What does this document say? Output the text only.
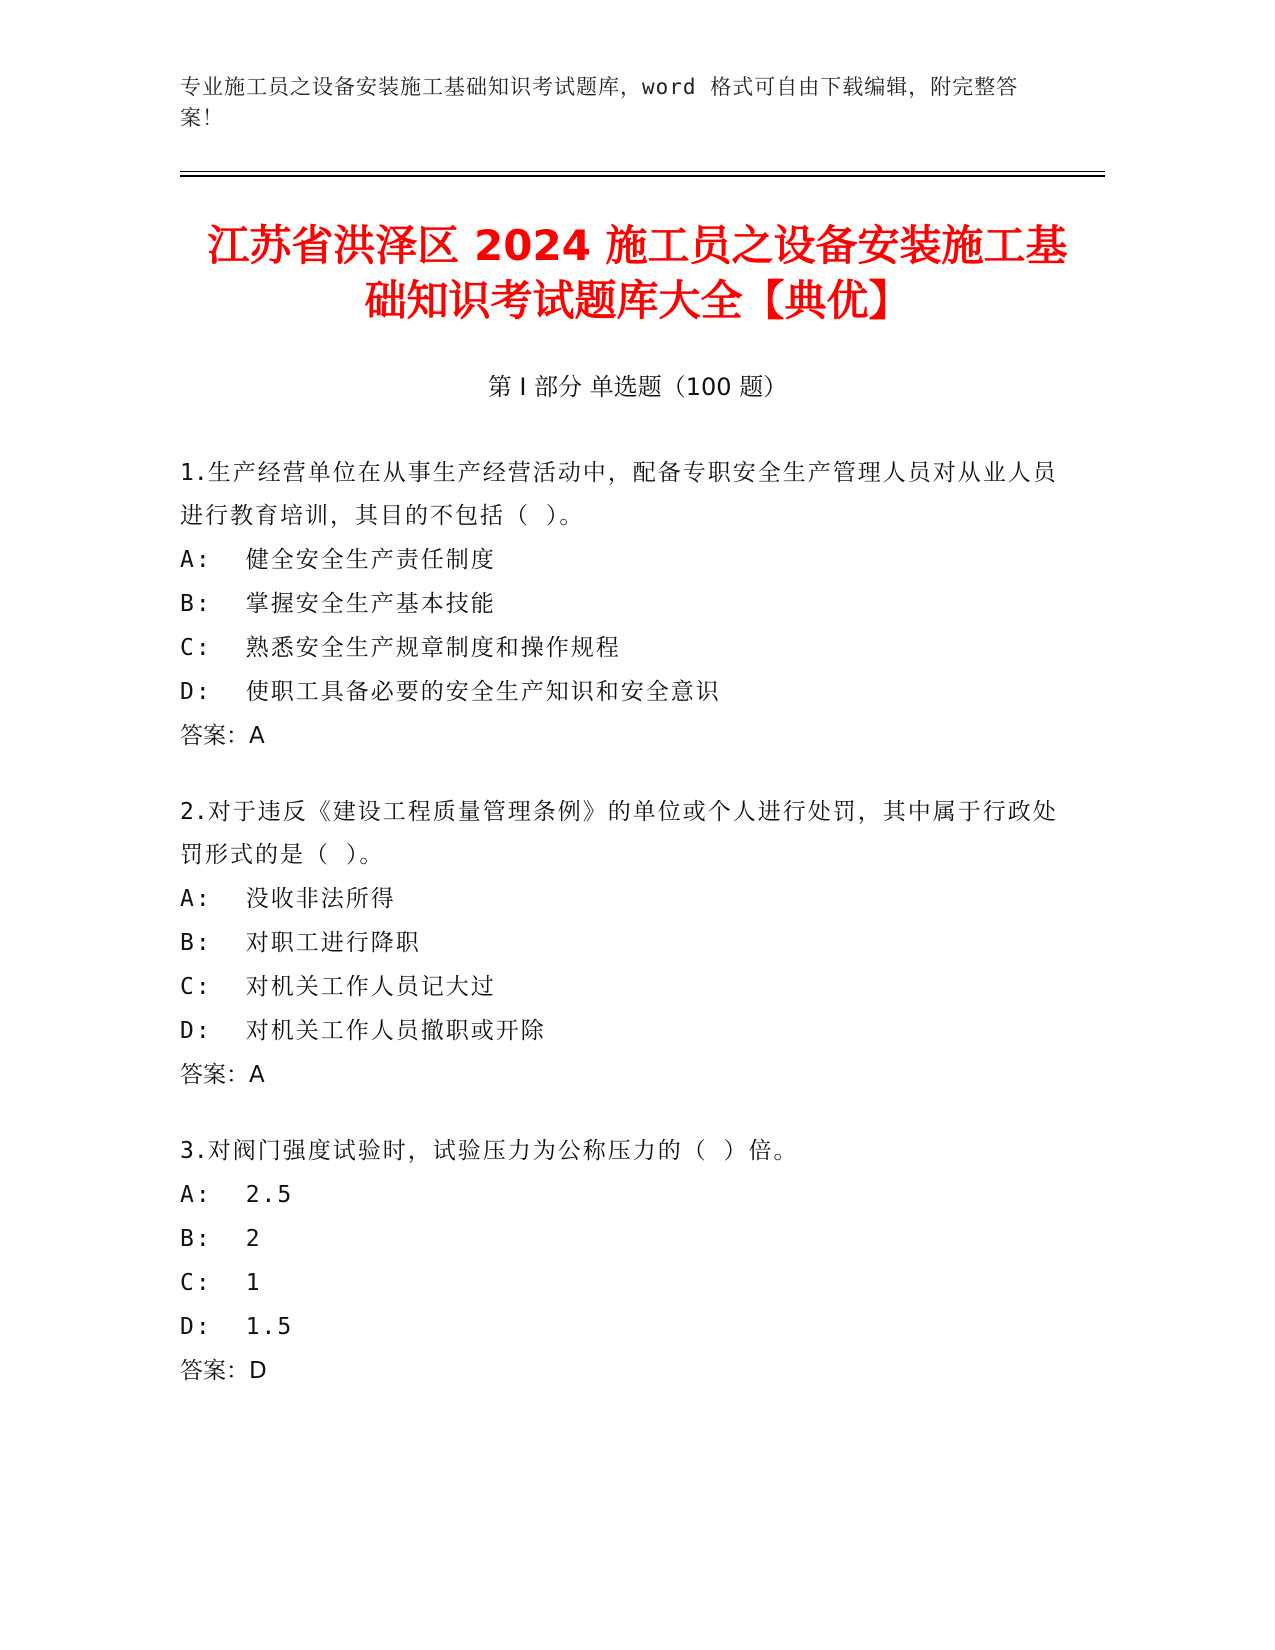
专业施工员之设备安装施工基础知识考试题库，word 格式可自由下载编辑，附完整答案！
江苏省洪泽区 2024 施工员之设备安装施工基
础知识考试题库大全【典优】
第 I 部分 单选题（100 题）
1.生产经营单位在从事生产经营活动中，配备专职安全生产管理人员对从业人员进行教育培训，其目的不包括（ ）。
A: 健全安全生产责任制度
B: 掌握安全生产基本技能
C: 熟悉安全生产规章制度和操作规程
D: 使职工具备必要的安全生产知识和安全意识
答案：A
2.对于违反《建设工程质量管理条例》的单位或个人进行处罚，其中属于行政处罚形式的是（ ）。
A: 没收非法所得
B: 对职工进行降职
C: 对机关工作人员记大过
D: 对机关工作人员撤职或开除
答案：A
3.对阀门强度试验时，试验压力为公称压力的（ ）倍。
A: 2.5
B: 2
C: 1
D: 1.5
答案：D
